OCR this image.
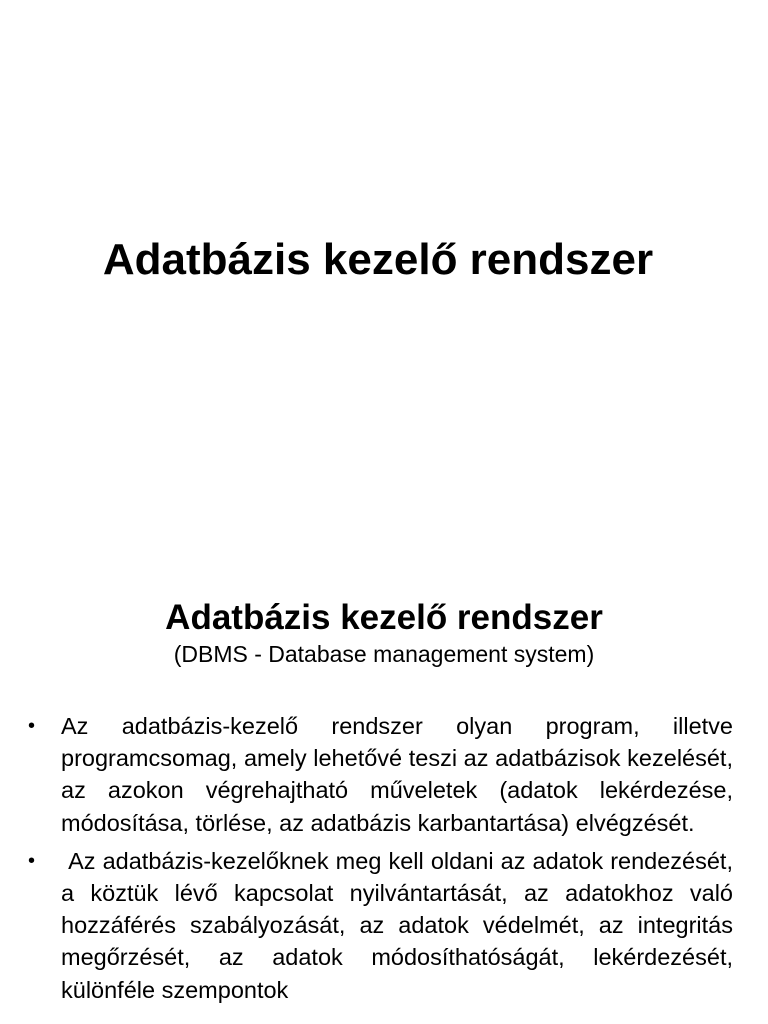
Adatbázis kezelő rendszer
Adatbázis kezelő rendszer

(DBMS - Database management system)

•	Az adatbázis-kezelő rendszer olyan program, illetve programcsomag, amely lehetővé teszi az adatbázisok kezelését, az azokon végrehajtható műveletek (adatok lekérdezése, módosítása, törlése, az adatbázis karbantartása) elvégzését.
•	Az adatbázis-kezelőknek meg kell oldani az adatok rendezését, a köztük lévő kapcsolat nyilvántartását, az adatokhoz való hozzáférés szabályozását, az adatok védelmét, az integritás megőrzését, az adatok módosíthatóságát, lekérdezését, különféle szempontok
